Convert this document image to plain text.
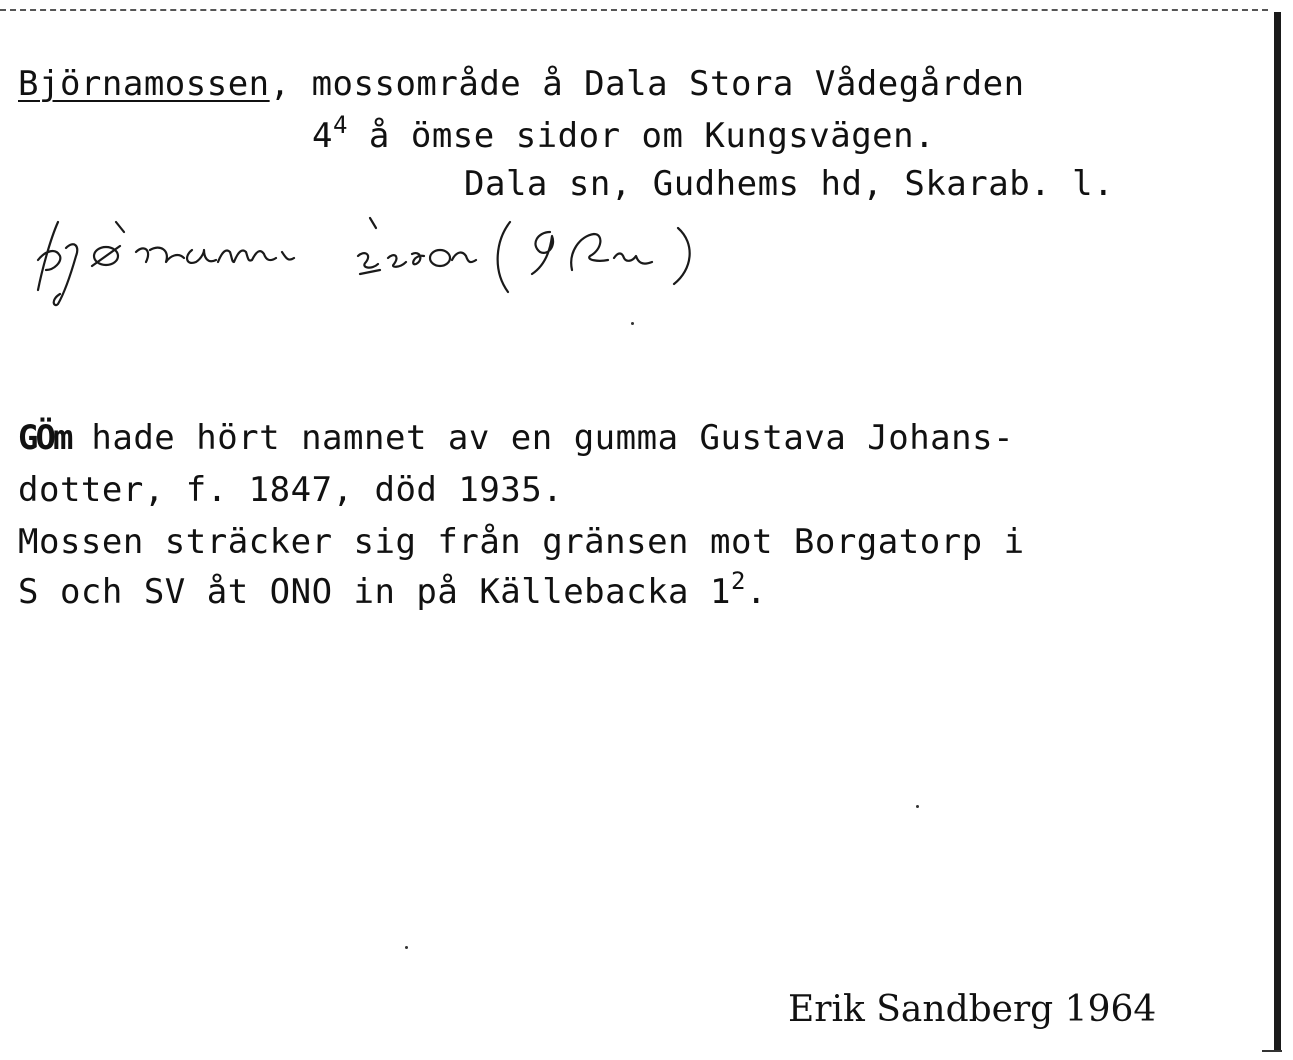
Björnamossen, mossområde å Dala Stora Vådegården
$4^4$ å ömse sidor om Kungsvägen.
Dala sn, Gudhems hd, Skarab. l.
GÖm hade hört namnet av en gumma Gustava Johans-
dotter, f. 1847, död 1935.
Mossen sträcker sig från gränsen mot Borgatorp i
S och SV åt ONO in på Källebacka $1^2$.
Erik Sandberg 1964
